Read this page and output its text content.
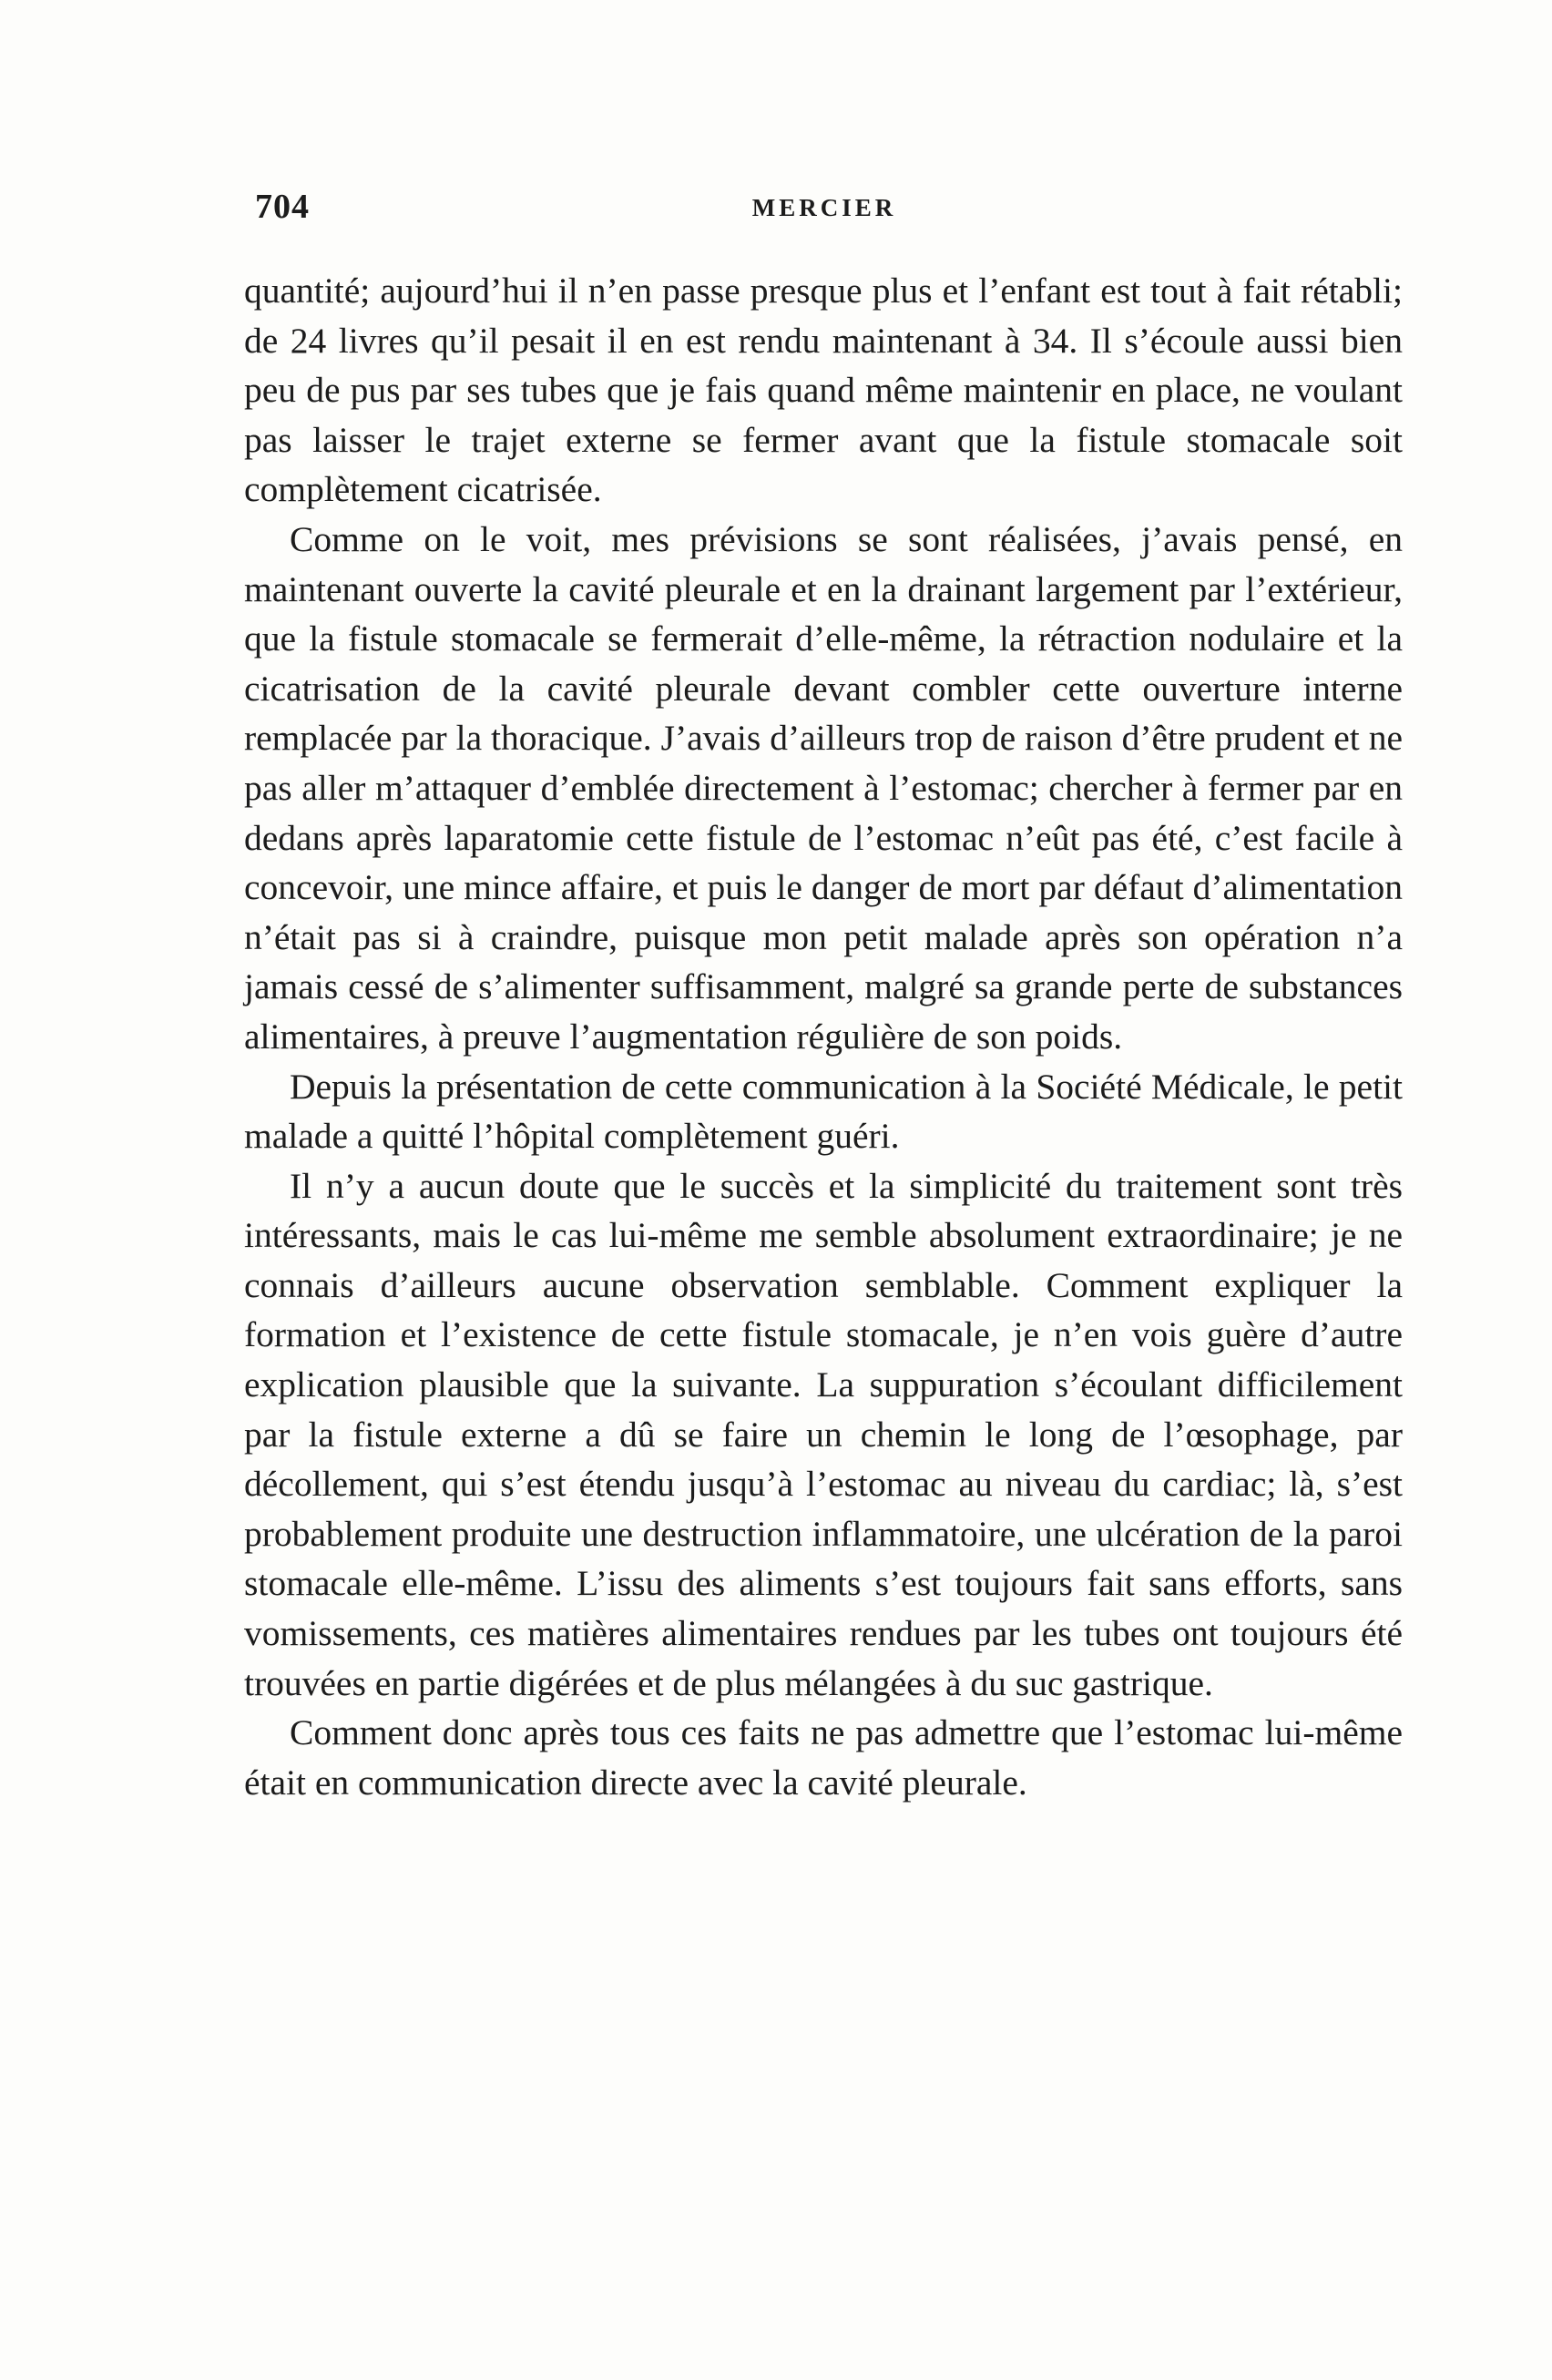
704	MERCIER

quantité; aujourd’hui il n’en passe presque plus et l’enfant est tout à fait rétabli; de 24 livres qu’il pesait il en est rendu maintenant à 34. Il s’écoule aussi bien peu de pus par ses tubes que je fais quand même maintenir en place, ne voulant pas laisser le trajet externe se fermer avant que la fistule stomacale soit complètement cicatrisée.

Comme on le voit, mes prévisions se sont réalisées, j’avais pensé, en maintenant ouverte la cavité pleurale et en la drainant largement par l’extérieur, que la fistule stomacale se fermerait d’elle-même, la rétraction nodulaire et la cicatrisation de la cavité pleurale devant combler cette ouverture interne remplacée par la thoracique. J’avais d’ailleurs trop de raison d’être prudent et ne pas aller m’attaquer d’emblée directement à l’estomac; chercher à fermer par en dedans après laparatomie cette fistule de l’estomac n’eût pas été, c’est facile à concevoir, une mince affaire, et puis le danger de mort par défaut d’alimentation n’était pas si à craindre, puisque mon petit malade après son opération n’a jamais cessé de s’alimenter suffisamment, malgré sa grande perte de substances alimentaires, à preuve l’augmentation régulière de son poids.

Depuis la présentation de cette communication à la Société Médicale, le petit malade a quitté l’hôpital complètement guéri.

Il n’y a aucun doute que le succès et la simplicité du traitement sont très intéressants, mais le cas lui-même me semble absolument extraordinaire; je ne connais d’ailleurs aucune observation semblable. Comment expliquer la formation et l’existence de cette fistule stomacale, je n’en vois guère d’autre explication plausible que la suivante. La suppuration s’écoulant difficilement par la fistule externe a dû se faire un chemin le long de l’œsophage, par décollement, qui s’est étendu jusqu’à l’estomac au niveau du cardiac; là, s’est probablement produite une destruction inflammatoire, une ulcération de la paroi stomacale elle-même. L’issu des aliments s’est toujours fait sans efforts, sans vomissements, ces matières alimentaires rendues par les tubes ont toujours été trouvées en partie digérées et de plus mélangées à du suc gastrique.

Comment donc après tous ces faits ne pas admettre que l’estomac lui-même était en communication directe avec la cavité pleurale.
